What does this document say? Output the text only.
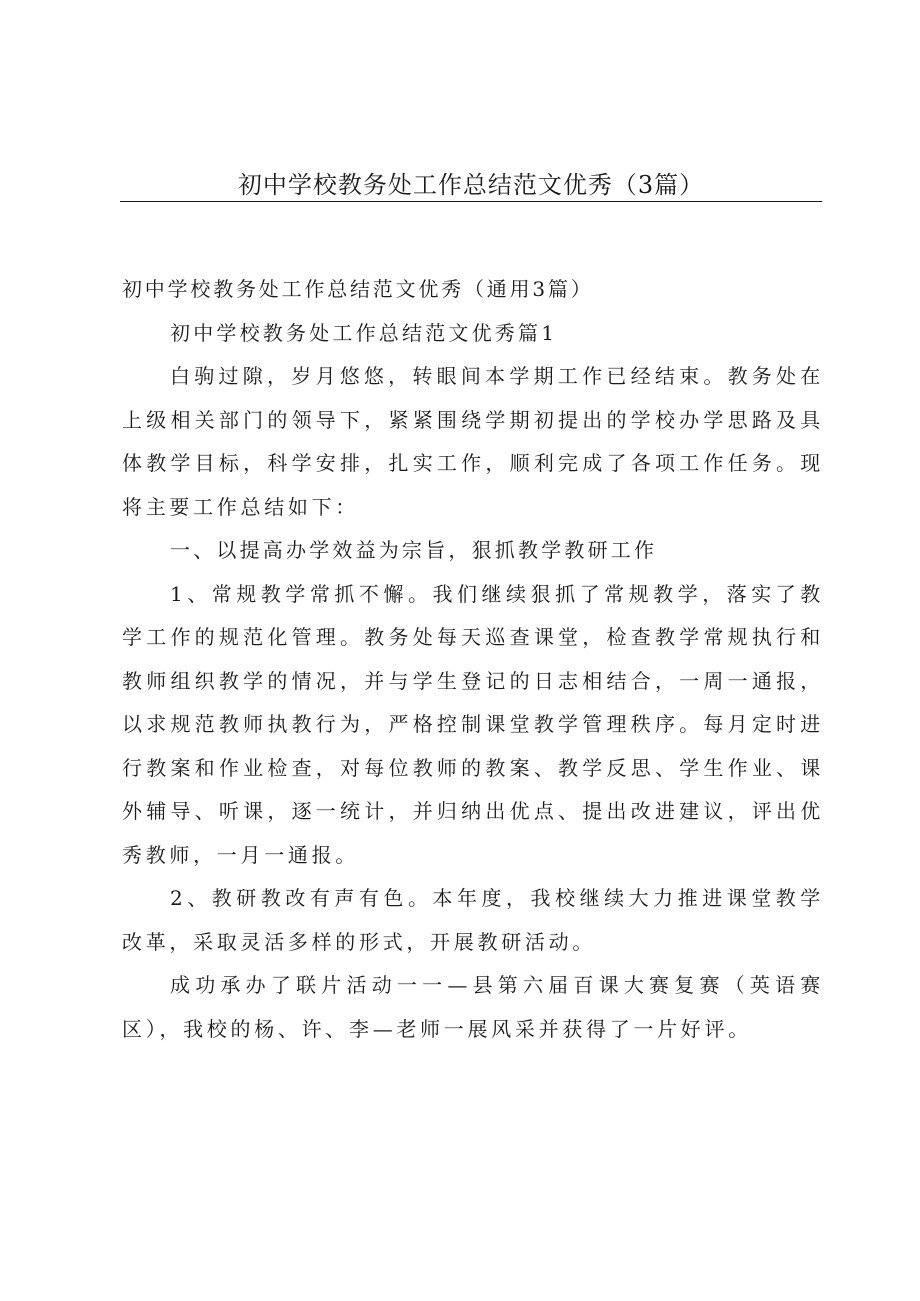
初中学校教务处工作总结范文优秀（3篇）

初中学校教务处工作总结范文优秀（通用3篇）

初中学校教务处工作总结范文优秀篇1

白驹过隙，岁月悠悠，转眼间本学期工作已经结束。教务处在上级相关部门的领导下，紧紧围绕学期初提出的学校办学思路及具体教学目标，科学安排，扎实工作，顺利完成了各项工作任务。现将主要工作总结如下：

一、以提高办学效益为宗旨，狠抓教学教研工作

1、常规教学常抓不懈。我们继续狠抓了常规教学，落实了教学工作的规范化管理。教务处每天巡查课堂，检查教学常规执行和教师组织教学的情况，并与学生登记的日志相结合，一周一通报，以求规范教师执教行为，严格控制课堂教学管理秩序。每月定时进行教案和作业检查，对每位教师的教案、教学反思、学生作业、课外辅导、听课，逐一统计，并归纳出优点、提出改进建议，评出优秀教师，一月一通报。

2、教研教改有声有色。本年度，我校继续大力推进课堂教学改革，采取灵活多样的形式，开展教研活动。

成功承办了联片活动一一—县第六届百课大赛复赛（英语赛区），我校的杨、许、李—老师一展风采并获得了一片好评。
